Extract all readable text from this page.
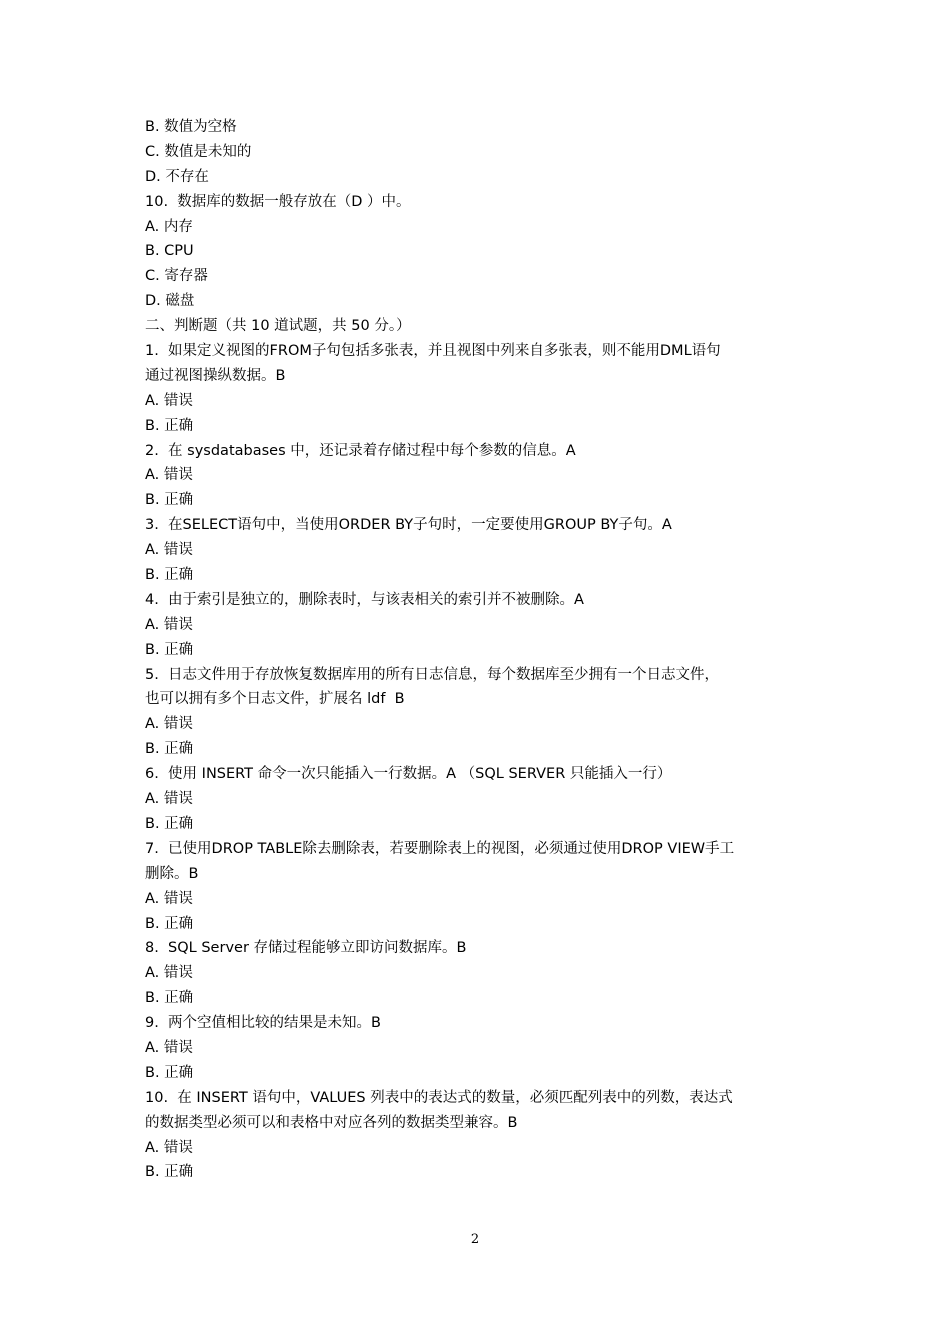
B. 数值为空格
C. 数值是未知的
D. 不存在
10.  数据库的数据一般存放在（D ）中。
A. 内存
B. CPU
C. 寄存器
D. 磁盘
二、判断题（共 10 道试题，共 50 分。）
1.  如果定义视图的FROM子句包括多张表，并且视图中列来自多张表，则不能用DML语句
通过视图操纵数据。B
A. 错误
B. 正确
2.  在 sysdatabases 中，还记录着存储过程中每个参数的信息。A
A. 错误
B. 正确
3.  在SELECT语句中，当使用ORDER BY子句时，一定要使用GROUP BY子句。A
A. 错误
B. 正确
4.  由于索引是独立的，删除表时，与该表相关的索引并不被删除。A
A. 错误
B. 正确
5.  日志文件用于存放恢复数据库用的所有日志信息，每个数据库至少拥有一个日志文件，
也可以拥有多个日志文件，扩展名 ldf  B
A. 错误
B. 正确
6.  使用 INSERT 命令一次只能插入一行数据。A （SQL SERVER 只能插入一行）
A. 错误
B. 正确
7.  已使用DROP TABLE除去删除表，若要删除表上的视图，必须通过使用DROP VIEW手工
删除。B
A. 错误
B. 正确
8.  SQL Server 存储过程能够立即访问数据库。B
A. 错误
B. 正确
9.  两个空值相比较的结果是未知。B
A. 错误
B. 正确
10.  在 INSERT 语句中，VALUES 列表中的表达式的数量，必须匹配列表中的列数，表达式
的数据类型必须可以和表格中对应各列的数据类型兼容。B
A. 错误
B. 正确
2
